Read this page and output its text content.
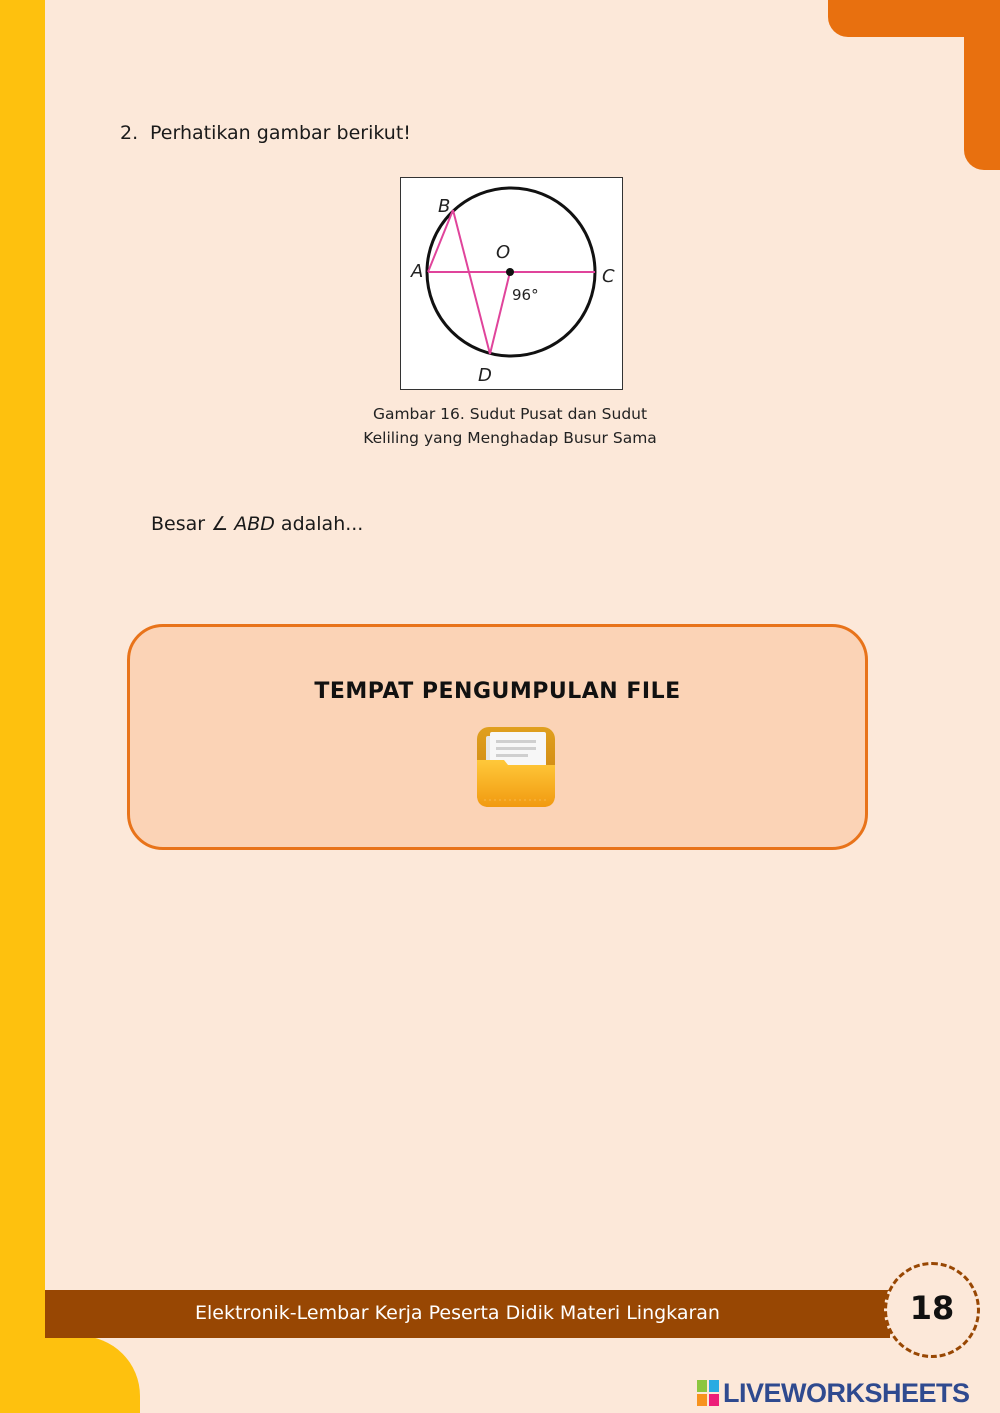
2. Perhatikan gambar berikut!
B
A
O
C
D
96°
Gambar 16. Sudut Pusat dan Sudut
Keliling yang Menghadap Busur Sama
Besar ∠ ABD adalah...
TEMPAT PENGUMPULAN FILE
Elektronik-Lembar Kerja Peserta Didik Materi Lingkaran	18
LIVEWORKSHEETS
